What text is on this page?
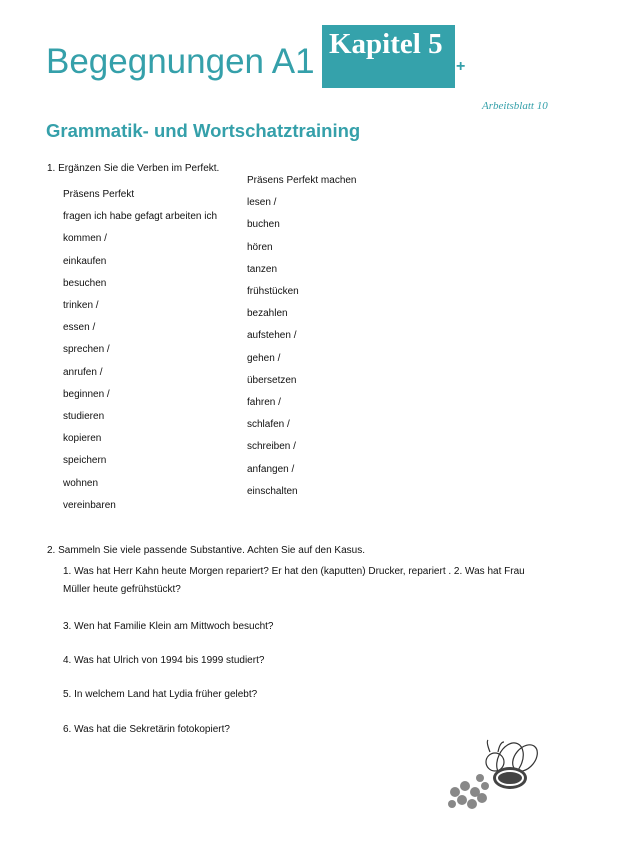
Begegnungen A1 Kapitel 5
+
Arbeitsblatt 10
Grammatik- und Wortschatztraining
1. Ergänzen Sie die Verben im Perfekt.
Präsens Perfekt
fragen ich habe gefagt arbeiten ich
kommen /
einkaufen
besuchen
trinken /
essen /
sprechen /
anrufen /
beginnen /
studieren
kopieren
speichern
wohnen
vereinbaren
Präsens Perfekt machen
lesen /
buchen
hören
tanzen
frühstücken
bezahlen
aufstehen /
gehen /
übersetzen
fahren /
schlafen /
schreiben /
anfangen /
einschalten
2. Sammeln Sie viele passende Substantive. Achten Sie auf den Kasus.
1. Was hat Herr Kahn heute Morgen repariert? Er hat den (kaputten) Drucker, repariert . 2. Was hat Frau
Müller heute gefrühstückt?
3. Wen hat Familie Klein am Mittwoch besucht?
4. Was hat Ulrich von 1994 bis 1999 studiert?
5. In welchem Land hat Lydia früher gelebt?
6. Was hat die Sekretärin fotokopiert?
